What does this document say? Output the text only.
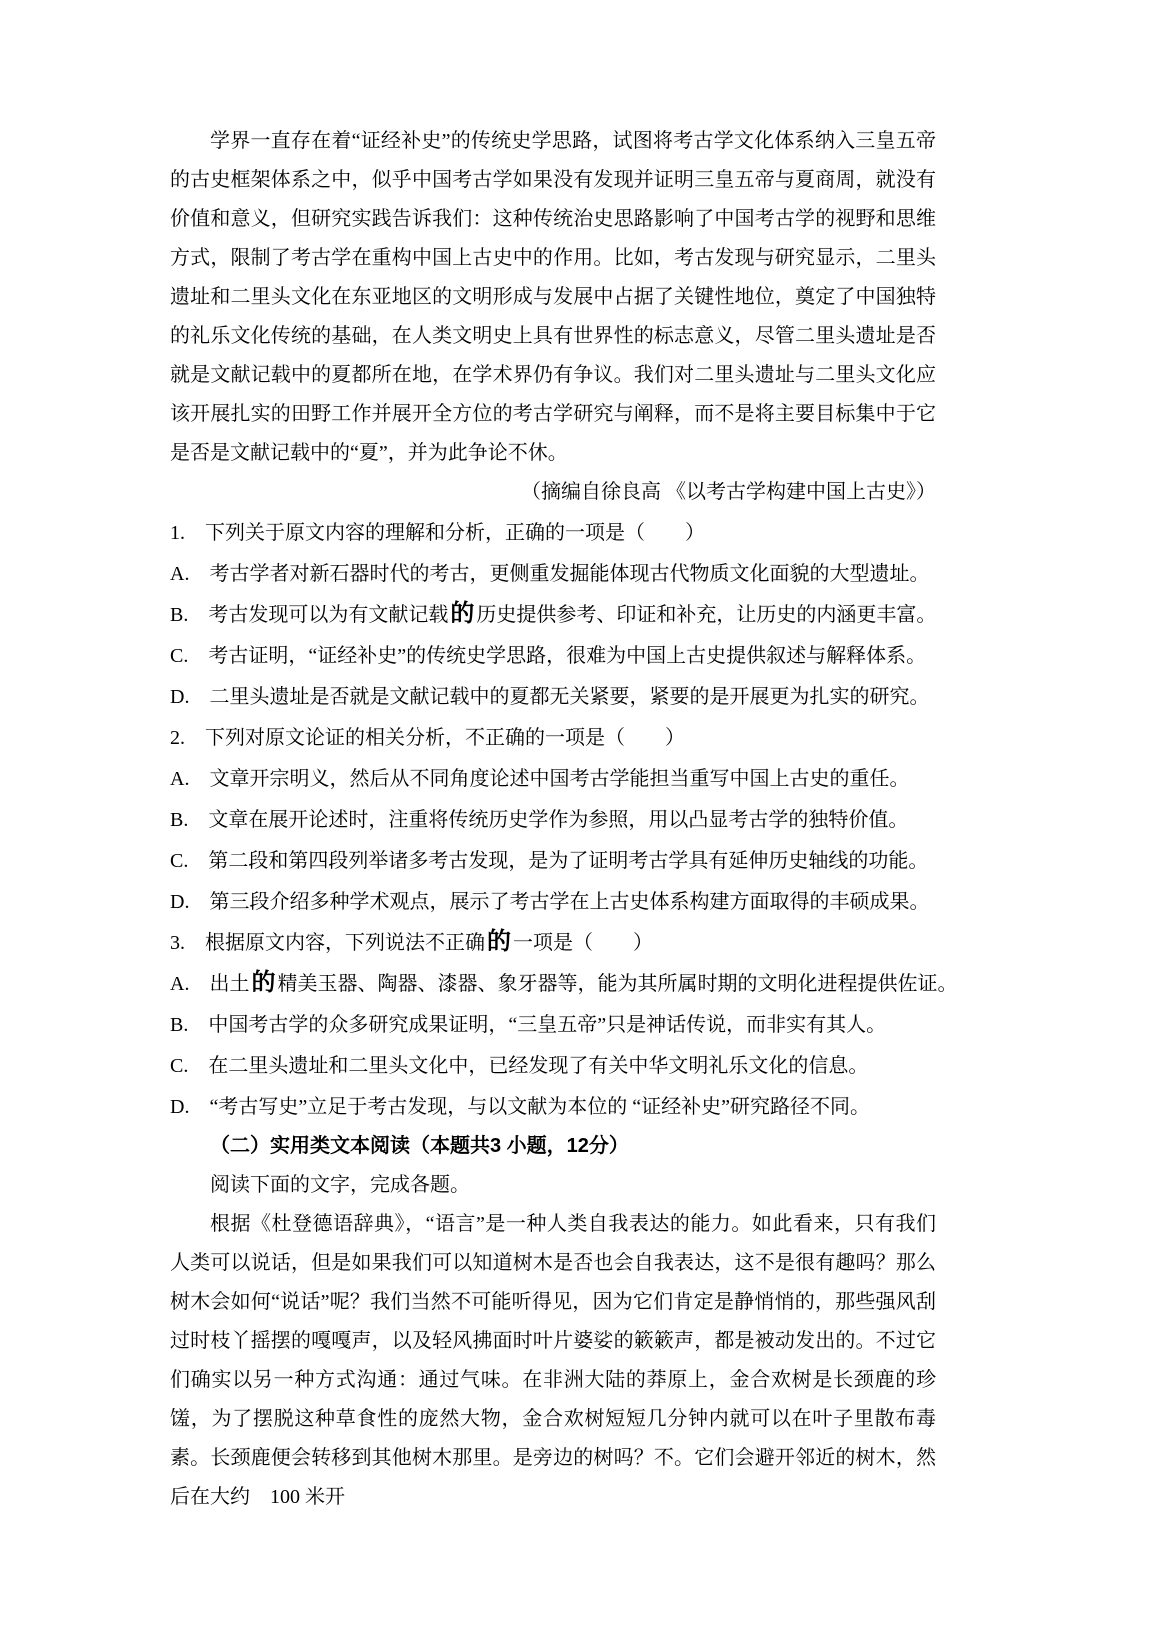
学界一直存在着“证经补史”的传统史学思路，试图将考古学文化体系纳入三皇五帝的古史框架体系之中，似乎中国考古学如果没有发现并证明三皇五帝与夏商周，就没有价值和意义，但研究实践告诉我们：这种传统治史思路影响了中国考古学的视野和思维方式，限制了考古学在重构中国上古史中的作用。比如，考古发现与研究显示，二里头遗址和二里头文化在东亚地区的文明形成与发展中占据了关键性地位，奠定了中国独特的礼乐文化传统的基础，在人类文明史上具有世界性的标志意义，尽管二里头遗址是否就是文献记载中的夏都所在地，在学术界仍有争议。我们对二里头遗址与二里头文化应该开展扎实的田野工作并展开全方位的考古学研究与阐释，而不是将主要目标集中于它是否是文献记载中的“夏”，并为此争论不休。

（摘编自徐良高 《以考古学构建中国上古史》）

1.　下列关于原文内容的理解和分析，正确的一项是（　　）

A.　考古学者对新石器时代的考古，更侧重发掘能体现古代物质文化面貌的大型遗址。

B.　考古发现可以为有文献记载的 历史提供参考、印证和补充，让历史的内涵更丰富。

C.　考古证明，“证经补史”的传统史学思路，很难为中国上古史提供叙述与解释体系。

D.　二里头遗址是否就是文献记载中的夏都无关紧要，紧要的是开展更为扎实的研究。

2.　下列对原文论证的相关分析，不正确的一项是（　　）

A.　文章开宗明义，然后从不同角度论述中国考古学能担当重写中国上古史的重任。

B.　文章在展开论述时，注重将传统历史学作为参照，用以凸显考古学的独特价值。

C.　第二段和第四段列举诸多考古发现，是为了证明考古学具有延伸历史轴线的功能。

D.　第三段介绍多种学术观点，展示了考古学在上古史体系构建方面取得的丰硕成果。

3.　根据原文内容，下列说法不正确的 一项是（　　）

A.　出土的 精美玉器、陶器、漆器、象牙器等，能为其所属时期的文明化进程提供佐证。

B.　中国考古学的众多研究成果证明，“三皇五帝”只是神话传说，而非实有其人。

C.　在二里头遗址和二里头文化中，已经发现了有关中华文明礼乐文化的信息。

D.　“考古写史”立足于考古发现，与以文献为本位的 “证经补史”研究路径不同。

（二）实用类文本阅读（本题共3 小题，12分）

阅读下面的文字，完成各题。

根据《杜登德语辞典》，“语言”是一种人类自我表达的能力。如此看来，只有我们人类可以说话，但是如果我们可以知道树木是否也会自我表达，这不是很有趣吗？那么树木会如何“说话”呢？我们当然不可能听得见，因为它们肯定是静悄悄的，那些强风刮过时枝丫摇摆的嘎嘎声，以及轻风拂面时叶片婆娑的簌簌声，都是被动发出的。不过它们确实以另一种方式沟通：通过气味。在非洲大陆的莽原上，金合欢树是长颈鹿的珍馐，为了摆脱这种草食性的庞然大物，金合欢树短短几分钟内就可以在叶子里散布毒素。长颈鹿便会转移到其他树木那里。是旁边的树吗？不。它们会避开邻近的树木，然后在大约　100 米开
